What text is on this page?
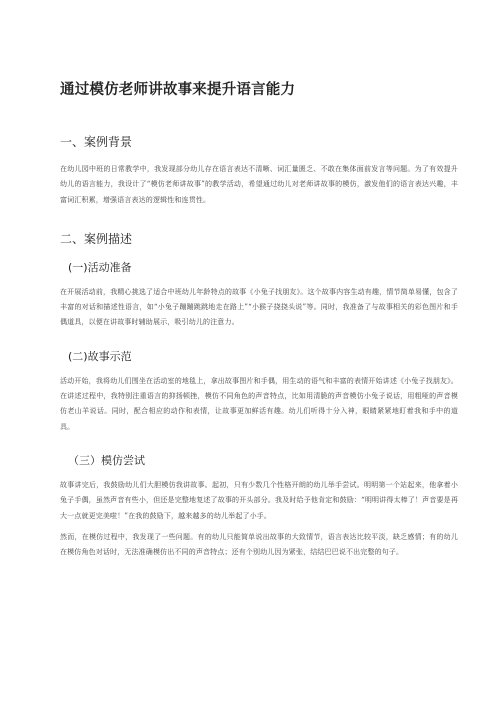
通过模仿老师讲故事来提升语言能力
一、案例背景

在幼儿园中班的日常教学中，我发现部分幼儿存在语言表达不清晰、词汇量匮乏、不敢在集体面前发言等问题。为了有效提升幼儿的语言能力，我设计了“模仿老师讲故事”的教学活动，希望通过幼儿对老师讲故事的模仿，激发他们的语言表达兴趣，丰富词汇积累，增强语言表达的逻辑性和连贯性。

二、案例描述
(一)活动准备

在开展活动前，我精心挑选了适合中班幼儿年龄特点的故事《小兔子找朋友》。这个故事内容生动有趣，情节简单易懂，包含了丰富的对话和描述性语言，如“小兔子蹦蹦跳跳地走在路上”“小猴子挠挠头说”等。同时，我准备了与故事相关的彩色图片和手偶道具，以便在讲故事时辅助展示，吸引幼儿的注意力。

(二)故事示范

活动开始，我将幼儿们围坐在活动室的地毯上，拿出故事图片和手偶，用生动的语气和丰富的表情开始讲述《小兔子找朋友》。在讲述过程中，我特别注重语言的抑扬顿挫，模仿不同角色的声音特点，比如用清脆的声音模仿小兔子说话，用粗哑的声音模仿老山羊说话。同时，配合相应的动作和表情，让故事更加鲜活有趣。幼儿们听得十分入神，眼睛紧紧地盯着我和手中的道具。

（三）模仿尝试

故事讲完后，我鼓励幼儿们大胆模仿我讲故事。起初，只有少数几个性格开朗的幼儿举手尝试。明明第一个站起来，他拿着小兔子手偶，虽然声音有些小，但还是完整地复述了故事的开头部分。我及时给予他肯定和鼓励：“明明讲得太棒了！声音要是再大一点就更完美啦！”在我的鼓励下，越来越多的幼儿举起了小手。

然而，在模仿过程中，我发现了一些问题。有的幼儿只能简单说出故事的大致情节，语言表达比较平淡，缺乏感情；有的幼儿在模仿角色对话时，无法准确模仿出不同的声音特点；还有个别幼儿因为紧张，结结巴巴说不出完整的句子。
